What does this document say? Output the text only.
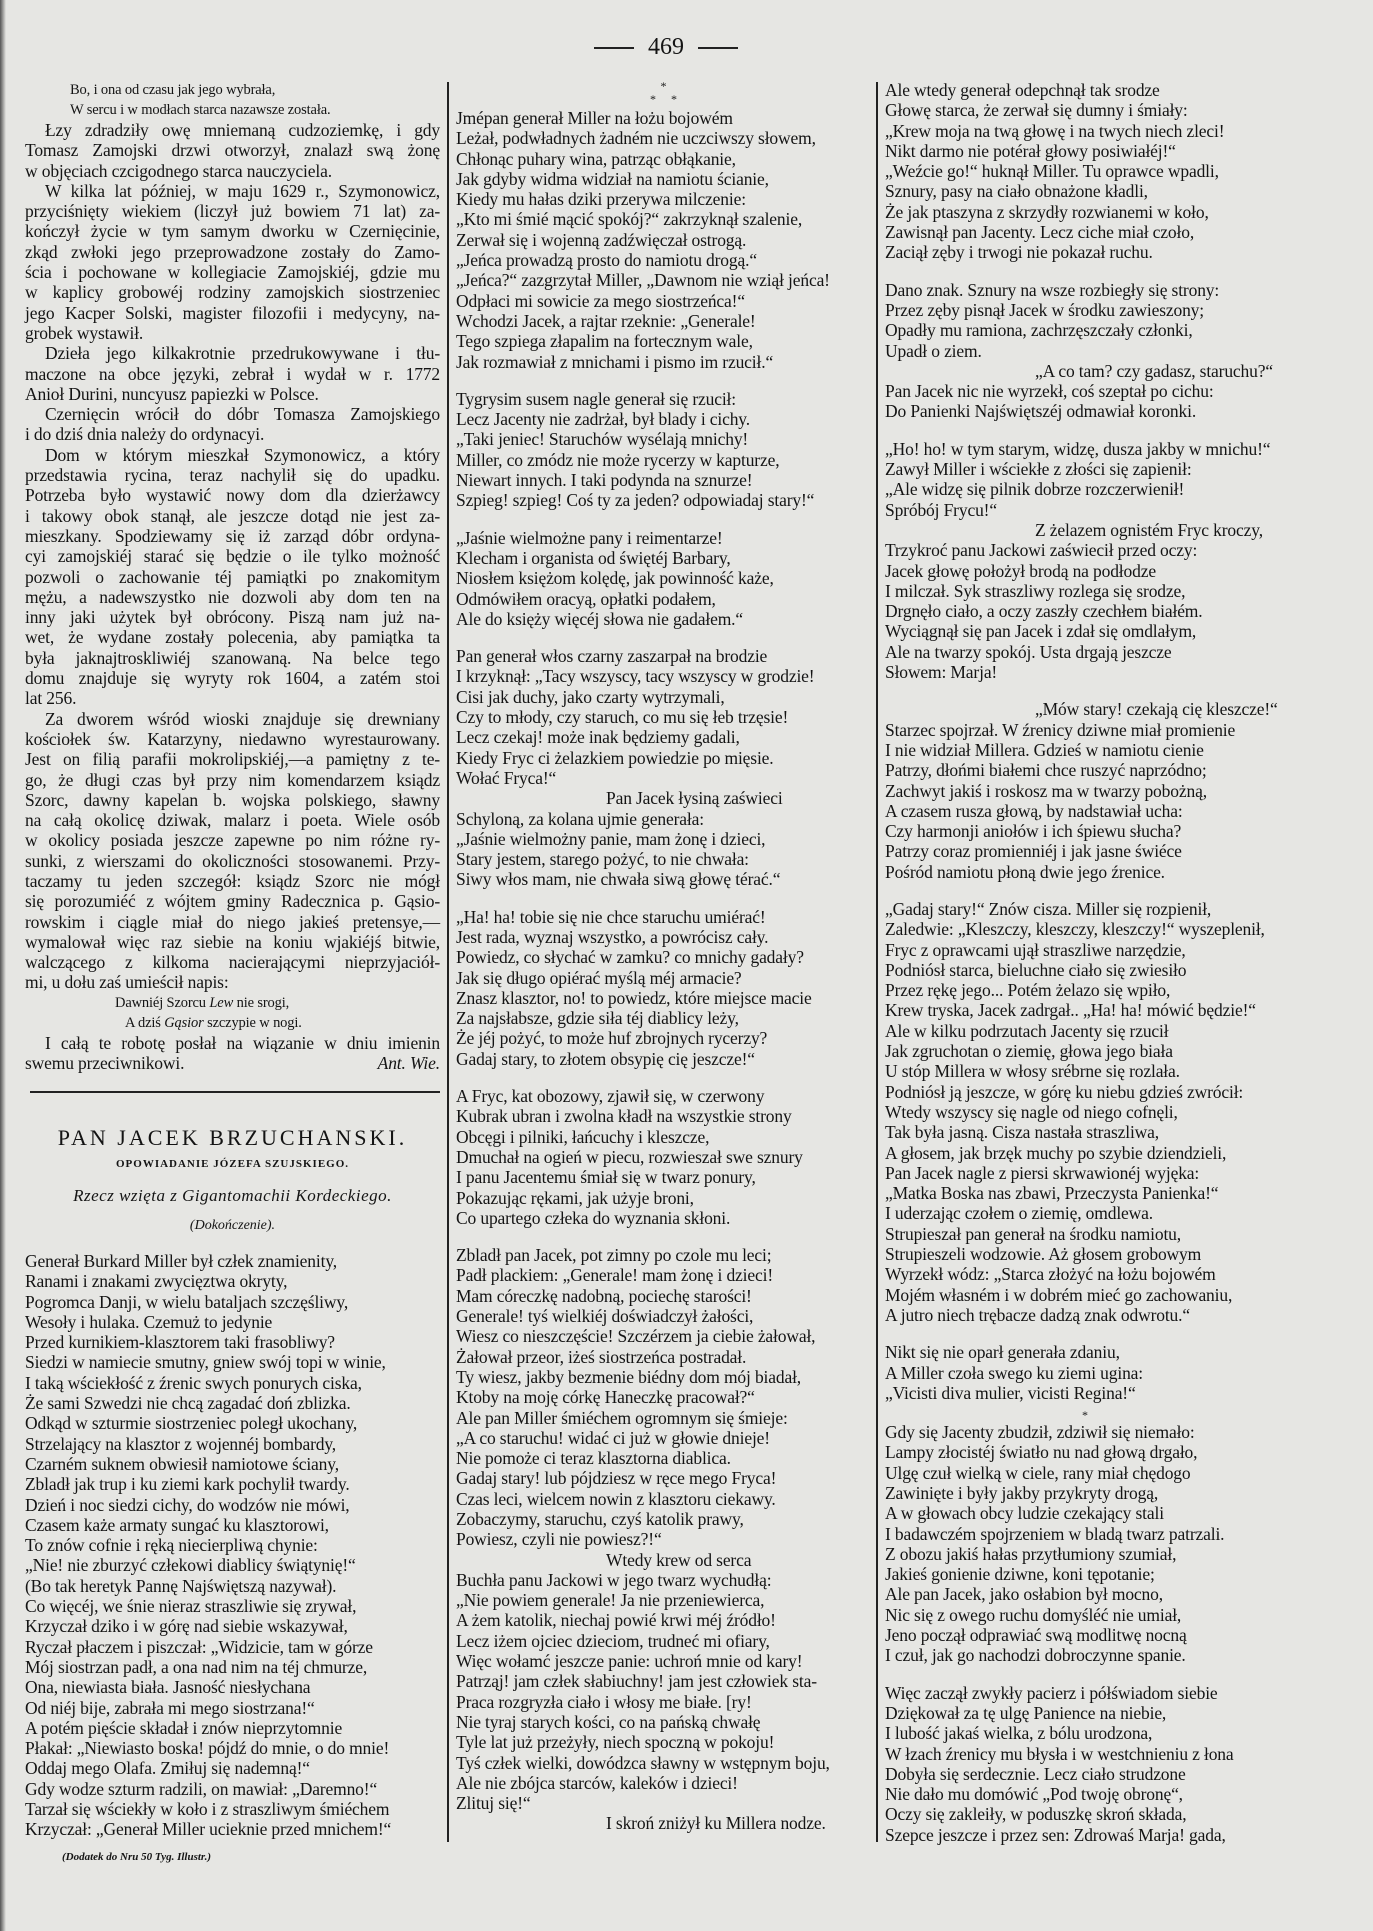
469
Bo, i ona od czasu jak jego wybrała,
W sercu i w modłach starca nazawsze została.
Łzy zdradziły owę mniemaną cudzoziemkę, i gdy
Tomasz Zamojski drzwi otworzył, znalazł swą żonę
w objęciach czcigodnego starca nauczyciela.
W kilka lat później, w maju 1629 r., Szymonowicz,
przyciśnięty wiekiem (liczył już bowiem 71 lat) za-
kończył życie w tym samym dworku w Czernięcinie,
zkąd zwłoki jego przeprowadzone zostały do Zamo-
ścia i pochowane w kollegiacie Zamojskiéj, gdzie mu
w kaplicy grobowéj rodziny zamojskich siostrzeniec
jego Kacper Solski, magister filozofii i medycyny, na-
grobek wystawił.
Dzieła jego kilkakrotnie przedrukowywane i tłu-
maczone na obce języki, zebrał i wydał w r. 1772
Anioł Durini, nuncyusz papiezki w Polsce.
Czernięcin wrócił do dóbr Tomasza Zamojskiego
i do dziś dnia należy do ordynacyi.
Dom w którym mieszkał Szymonowicz, a który
przedstawia rycina, teraz nachylił się do upadku.
Potrzeba było wystawić nowy dom dla dzierżawcy
i takowy obok stanął, ale jeszcze dotąd nie jest za-
mieszkany. Spodziewamy się iż zarząd dóbr ordyna-
cyi zamojskiéj starać się będzie o ile tylko możność
pozwoli o zachowanie téj pamiątki po znakomitym
mężu, a nadewszystko nie dozwoli aby dom ten na
inny jaki użytek był obrócony. Piszą nam już na-
wet, że wydane zostały polecenia, aby pamiątka ta
była jaknajtroskliwiéj szanowaną. Na belce tego
domu znajduje się wyryty rok 1604, a zatém stoi
lat 256.
Za dworem wśród wioski znajduje się drewniany
kościołek św. Katarzyny, niedawno wyrestaurowany.
Jest on filią parafii mokrolipskiéj,—a pamiętny z te-
go, że długi czas był przy nim komendarzem ksiądz
Szorc, dawny kapelan b. wojska polskiego, sławny
na całą okolicę dziwak, malarz i poeta. Wiele osób
w okolicy posiada jeszcze zapewne po nim różne ry-
sunki, z wierszami do okoliczności stosowanemi. Przy-
taczamy tu jeden szczegół: ksiądz Szorc nie mógł
się porozumiéć z wójtem gminy Radecznica p. Gąsio-
rowskim i ciągle miał do niego jakieś pretensye,—
wymalował więc raz siebie na koniu wjakiéjś bitwie,
walczącego z kilkoma nacierającymi nieprzyjaciół-
mi, u dołu zaś umieścił napis:
Dawniéj Szorcu Lew nie srogi,
A dziś Gąsior szczypie w nogi.
I całą te robotę posłał na wiązanie w dniu imienin
swemu przeciwnikowi.	Ant. Wie.
PAN JACEK BRZUCHANSKI.
OPOWIADANIE JÓZEFA SZUJSKIEGO.
Rzecz wzięta z Gigantomachii Kordeckiego.
(Dokończenie).
Generał Burkard Miller był człek znamienity,
Ranami i znakami zwycięztwa okryty,
Pogromca Danji, w wielu bataljach szczęśliwy,
Wesoły i hulaka. Czemuż to jedynie
Przed kurnikiem-klasztorem taki frasobliwy?
Siedzi w namiecie smutny, gniew swój topi w winie,
I taką wściekłość z źrenic swych ponurych ciska,
Że sami Szwedzi nie chcą zagadać doń zblizka.
Odkąd w szturmie siostrzeniec poległ ukochany,
Strzelający na klasztor z wojennéj bombardy,
Czarném suknem obwiesił namiotowe ściany,
Zbladł jak trup i ku ziemi kark pochylił twardy.
Dzień i noc siedzi cichy, do wodzów nie mówi,
Czasem każe armaty sungać ku klasztorowi,
To znów cofnie i ręką niecierpliwą chynie:
„Nie! nie zburzyć człekowi diablicy świątynię!“
(Bo tak heretyk Pannę Najświętszą nazywał).
Co więcéj, we śnie nieraz straszliwie się zrywał,
Krzyczał dziko i w górę nad siebie wskazywał,
Ryczał płaczem i piszczał: „Widzicie, tam w górze
Mój siostrzan padł, a ona nad nim na téj chmurze,
Ona, niewiasta biała. Jasność niesłychana
Od niéj bije, zabrała mi mego siostrzana!“
A potém pięście składał i znów nieprzytomnie
Płakał: „Niewiasto boska! pójdź do mnie, o do mnie!
Oddaj mego Olafa. Zmiłuj się nademną!“
Gdy wodze szturm radzili, on mawiał: „Daremno!“
Tarzał się wściekły w koło i z straszliwym śmiéchem
Krzyczał: „Generał Miller ucieknie przed mnichem!“
(Dodatek do Nru 50 Tyg. Illustr.)
*
*     *
Jmépan generał Miller na łożu bojowém
Leżał, podwładnych żadném nie uczciwszy słowem,
Chłonąc puhary wina, patrząc obłąkanie,
Jak gdyby widma widział na namiotu ścianie,
Kiedy mu hałas dziki przerywa milczenie:
„Kto mi śmié mącić spokój?“ zakrzyknął szalenie,
Zerwał się i wojenną zadźwięczał ostrogą.
„Jeńca prowadzą prosto do namiotu drogą.“
„Jeńca?“ zazgrzytał Miller, „Dawnom nie wziął jeńca!
Odpłaci mi sowicie za mego siostrzeńca!“
Wchodzi Jacek, a rajtar rzeknie: „Generale!
Tego szpiega złapalim na fortecznym wale,
Jak rozmawiał z mnichami i pismo im rzucił.“
Tygrysim susem nagle generał się rzucił:
Lecz Jacenty nie zadrżał, był blady i cichy.
„Taki jeniec! Staruchów wysélają mnichy!
Miller, co zmódz nie może rycerzy w kapturze,
Niewart innych. I taki podynda na sznurze!
Szpieg! szpieg! Coś ty za jeden? odpowiadaj stary!“
„Jaśnie wielmożne pany i reimentarze!
Klecham i organista od świętéj Barbary,
Niosłem księżom kolędę, jak powinność każe,
Odmówiłem oracyą, opłatki podałem,
Ale do księży więcéj słowa nie gadałem.“
Pan generał włos czarny zaszarpał na brodzie
I krzyknął: „Tacy wszyscy, tacy wszyscy w grodzie!
Cisi jak duchy, jako czarty wytrzymali,
Czy to młody, czy staruch, co mu się łeb trzęsie!
Lecz czekaj! może inak będziemy gadali,
Kiedy Fryc ci żelazkiem powiedzie po mięsie.
Wołać Fryca!“
Pan Jacek łysiną zaświeci
Schyloną, za kolana ujmie generała:
„Jaśnie wielmożny panie, mam żonę i dzieci,
Stary jestem, starego pożyć, to nie chwała:
Siwy włos mam, nie chwała siwą głowę térać.“
„Ha! ha! tobie się nie chce staruchu umiérać!
Jest rada, wyznaj wszystko, a powrócisz cały.
Powiedz, co słychać w zamku? co mnichy gadały?
Jak się długo opiérać myślą méj armacie?
Znasz klasztor, no! to powiedz, które miejsce macie
Za najsłabsze, gdzie siła téj diablicy leży,
Że jéj pożyć, to może huf zbrojnych rycerzy?
Gadaj stary, to złotem obsypię cię jeszcze!“
A Fryc, kat obozowy, zjawił się, w czerwony
Kubrak ubran i zwolna kładł na wszystkie strony
Obcęgi i pilniki, łańcuchy i kleszcze,
Dmuchał na ogień w piecu, rozwieszał swe sznury
I panu Jacentemu śmiał się w twarz ponury,
Pokazując rękami, jak użyje broni,
Co upartego człeka do wyznania skłoni.
Zbladł pan Jacek, pot zimny po czole mu leci;
Padł plackiem: „Generale! mam żonę i dzieci!
Mam córeczkę nadobną, pociechę starości!
Generale! tyś wielkiéj doświadczył żałości,
Wiesz co nieszczęście! Szczérzem ja ciebie żałował,
Żałował przeor, iżeś siostrzeńca postradał.
Ty wiesz, jakby bezmenie biédny dom mój biadał,
Ktoby na moję córkę Haneczkę pracował?“
Ale pan Miller śmiéchem ogromnym się śmieje:
„A co staruchu! widać ci już w głowie dnieje!
Nie pomoże ci teraz klasztorna diablica.
Gadaj stary! lub pójdziesz w ręce mego Fryca!
Czas leci, wielcem nowin z klasztoru ciekawy.
Zobaczymy, staruchu, czyś katolik prawy,
Powiesz, czyli nie powiesz?!“
Wtedy krew od serca
Buchła panu Jackowi w jego twarz wychudłą:
„Nie powiem generale! Ja nie przeniewierca,
A żem katolik, niechaj powié krwi méj źródło!
Lecz iżem ojciec dzieciom, trudneć mi ofiary,
Więc wołamć jeszcze panie: uchroń mnie od kary!
Patrząj! jam człek słabiuchny! jam jest człowiek sta-
Praca rozgryzła ciało i włosy me białe. [ry!
Nie tyraj starych kości, co na pańską chwałę
Tyle lat już przeżyły, niech spoczną w pokoju!
Tyś człek wielki, dowódzca sławny w wstępnym boju,
Ale nie zbójca starców, kaleków i dzieci!
Zlituj się!“
I skroń zniżył ku Millera nodze.
Ale wtedy generał odepchnął tak srodze
Głowę starca, że zerwał się dumny i śmiały:
„Krew moja na twą głowę i na twych niech zleci!
Nikt darmo nie potérał głowy posiwiałéj!“
„Weźcie go!“ huknął Miller. Tu oprawce wpadli,
Sznury, pasy na ciało obnażone kładli,
Że jak ptaszyna z skrzydły rozwianemi w koło,
Zawisnął pan Jacenty. Lecz ciche miał czoło,
Zaciął zęby i trwogi nie pokazał ruchu.
Dano znak. Sznury na wsze rozbiegły się strony:
Przez zęby pisnął Jacek w środku zawieszony;
Opadły mu ramiona, zachrzęszczały członki,
Upadł o ziem.
„A co tam? czy gadasz, staruchu?“
Pan Jacek nic nie wyrzekł, coś szeptał po cichu:
Do Panienki Najświętszéj odmawiał koronki.
„Ho! ho! w tym starym, widzę, dusza jakby w mnichu!“
Zawył Miller i wściekłe z złości się zapienił:
„Ale widzę się pilnik dobrze rozczerwienił!
Spróbój Frycu!“
Z żelazem ognistém Fryc kroczy,
Trzykroć panu Jackowi zaświecił przed oczy:
Jacek głowę położył brodą na podłodze
I milczał. Syk straszliwy rozlega się srodze,
Drgnęło ciało, a oczy zaszły czechłem białém.
Wyciągnął się pan Jacek i zdał się omdlałym,
Ale na twarzy spokój. Usta drgają jeszcze
Słowem: Marja!
„Mów stary! czekają cię kleszcze!“
Starzec spojrzał. W źrenicy dziwne miał promienie
I nie widział Millera. Gdzieś w namiotu cienie
Patrzy, dłońmi białemi chce ruszyć naprzódno;
Zachwyt jakiś i roskosz ma w twarzy pobożną,
A czasem rusza głową, by nadstawiał ucha:
Czy harmonji aniołów i ich śpiewu słucha?
Patrzy coraz promienniéj i jak jasne świéce
Pośród namiotu płoną dwie jego źrenice.
„Gadaj stary!“ Znów cisza. Miller się rozpienił,
Zaledwie: „Kleszczy, kleszczy, kleszczy!“ wyszeplenił,
Fryc z oprawcami ujął straszliwe narzędzie,
Podniósł starca, bieluchne ciało się zwiesiło
Przez rękę jego... Potém żelazo się wpiło,
Krew tryska, Jacek zadrgał.. „Ha! ha! mówić będzie!“
Ale w kilku podrzutach Jacenty się rzucił
Jak zgruchotan o ziemię, głowa jego biała
U stóp Millera w włosy srébrne się rozlała.
Podniósł ją jeszcze, w górę ku niebu gdzieś zwrócił:
Wtedy wszyscy się nagle od niego cofnęli,
Tak była jasną. Cisza nastała straszliwa,
A głosem, jak brzęk muchy po szybie dziendzieli,
Pan Jacek nagle z piersi skrwawionéj wyjęka:
„Matka Boska nas zbawi, Przeczysta Panienka!“
I uderzając czołem o ziemię, omdlewa.
Strupieszał pan generał na środku namiotu,
Strupieszeli wodzowie. Aż głosem grobowym
Wyrzekł wódz: „Starca złożyć na łożu bojowém
Mojém własném i w dobrém mieć go zachowaniu,
A jutro niech trębacze dadzą znak odwrotu.“
Nikt się nie oparł generała zdaniu,
A Miller czoła swego ku ziemi ugina:
„Vicisti diva mulier, vicisti Regina!“
*
Gdy się Jacenty zbudził, zdziwił się niemało:
Lampy złocistéj światło nu nad głową drgało,
Ulgę czuł wielką w ciele, rany miał chędogo
Zawinięte i były jakby przykryty drogą,
A w głowach obcy ludzie czekający stali
I badawczém spojrzeniem w bladą twarz patrzali.
Z obozu jakiś hałas przytłumiony szumiał,
Jakieś gonienie dziwne, koni tępotanie;
Ale pan Jacek, jako osłabion był mocno,
Nic się z owego ruchu domyśléć nie umiał,
Jeno począł odprawiać swą modlitwę nocną
I czuł, jak go nachodzi dobroczynne spanie.
Więc zaczął zwykły pacierz i półświadom siebie
Dziękował za tę ulgę Panience na niebie,
I lubość jakaś wielka, z bólu urodzona,
W łzach źrenicy mu błysła i w westchnieniu z łona
Dobyła się serdecznie. Lecz ciało strudzone
Nie dało mu domówić „Pod twoję obronę“,
Oczy się zakleiły, w poduszkę skroń składa,
Szepce jeszcze i przez sen: Zdrowaś Marja! gada,
